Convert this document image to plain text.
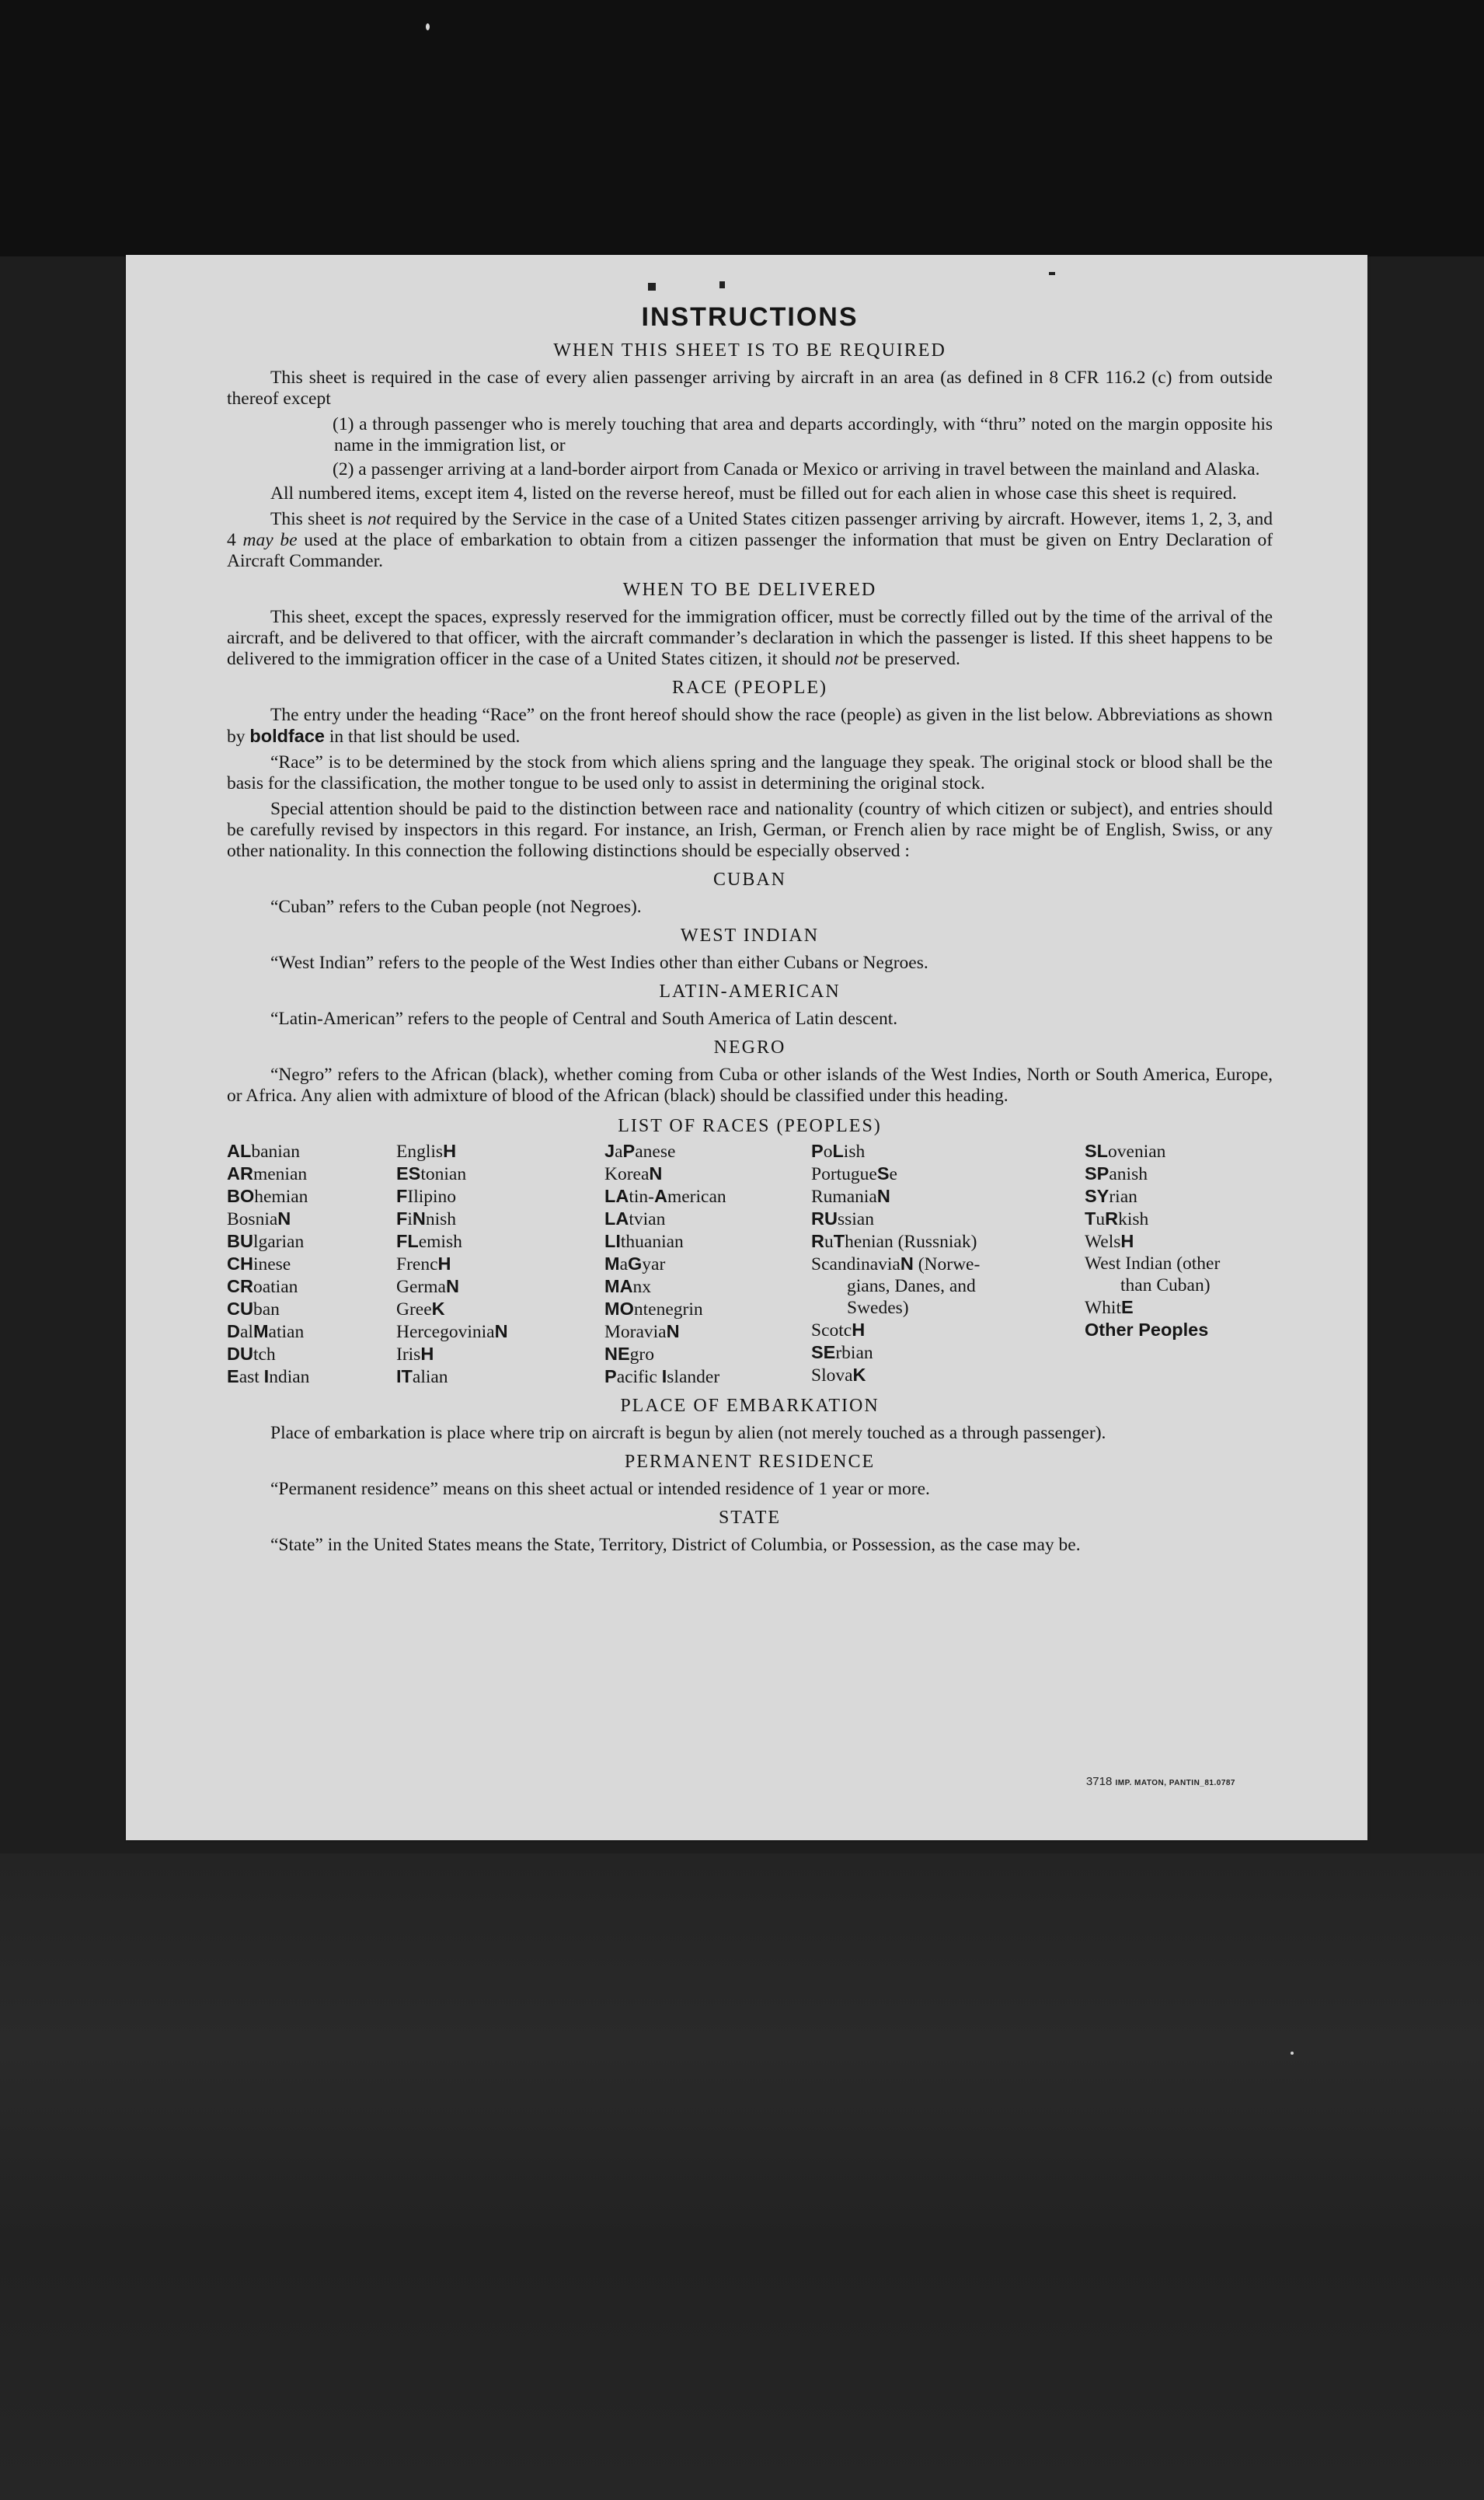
INSTRUCTIONS
WHEN THIS SHEET IS TO BE REQUIRED

This sheet is required in the case of every alien passenger arriving by aircraft in an area (as defined in 8 CFR 116.2 (c) from outside thereof except

(1) a through passenger who is merely touching that area and departs accordingly, with “thru” noted on the margin opposite his name in the immigration list, or
(2) a passenger arriving at a land-border airport from Canada or Mexico or arriving in travel between the mainland and Alaska.

All numbered items, except item 4, listed on the reverse hereof, must be filled out for each alien in whose case this sheet is required.

This sheet is not required by the Service in the case of a United States citizen passenger arriving by aircraft. However, items 1, 2, 3, and 4 may be used at the place of embarkation to obtain from a citizen passenger the information that must be given on Entry Declaration of Aircraft Commander.

WHEN TO BE DELIVERED

This sheet, except the spaces, expressly reserved for the immigration officer, must be correctly filled out by the time of the arrival of the aircraft, and be delivered to that officer, with the aircraft commander’s declaration in which the passenger is listed. If this sheet happens to be delivered to the immigration officer in the case of a United States citizen, it should not be preserved.

RACE (PEOPLE)

The entry under the heading “Race” on the front hereof should show the race (people) as given in the list below. Abbreviations as shown by boldface in that list should be used.

“Race” is to be determined by the stock from which aliens spring and the language they speak. The original stock or blood shall be the basis for the classification, the mother tongue to be used only to assist in determining the original stock.

Special attention should be paid to the distinction between race and nationality (country of which citizen or subject), and entries should be carefully revised by inspectors in this regard. For instance, an Irish, German, or French alien by race might be of English, Swiss, or any other nationality. In this connection the following distinctions should be especially observed :

CUBAN

“Cuban” refers to the Cuban people (not Negroes).

WEST INDIAN

“West Indian” refers to the people of the West Indies other than either Cubans or Negroes.

LATIN-AMERICAN

“Latin-American” refers to the people of Central and South America of Latin descent.

NEGRO

“Negro” refers to the African (black), whether coming from Cuba or other islands of the West Indies, North or South America, Europe, or Africa. Any alien with admixture of blood of the African (black) should be classified under this heading.

LIST OF RACES (PEOPLES)
ALbanian
ARmenian
BOhemian
BosniaN
BUlgarian
CHinese
CRoatian
CUban
DalMatian
DUtch
East Indian
EnglisH
EStonian
FIlipino
FiNnish
FLemish
FrencH
GermaN
GreeK
HercegoviniaN
IrisH
ITalian
JaPanese
KoreaN
LAtin-American
LAtvian
LIthuanian
MaGyar
MAnx
MOntenegrin
MoraviaN
NEgro
Pacific Islander
PoLish
PortugueSe
RumaniaN
RUssian
RuThenian (Russniak)
ScandinaviaN (Norwe-
gians, Danes, and
Swedes)
ScotcH
SErbian
SlovaK
SLovenian
SPanish
SYrian
TuRkish
WelsH
West Indian (other
than Cuban)
WhitE
Other Peoples
PLACE OF EMBARKATION

Place of embarkation is place where trip on aircraft is begun by alien (not merely touched as a through passenger).

PERMANENT RESIDENCE

“Permanent residence” means on this sheet actual or intended residence of 1 year or more.

STATE

“State” in the United States means the State, Territory, District of Columbia, or Possession, as the case may be.

3718 IMP. MATON, PANTIN_81.0787
